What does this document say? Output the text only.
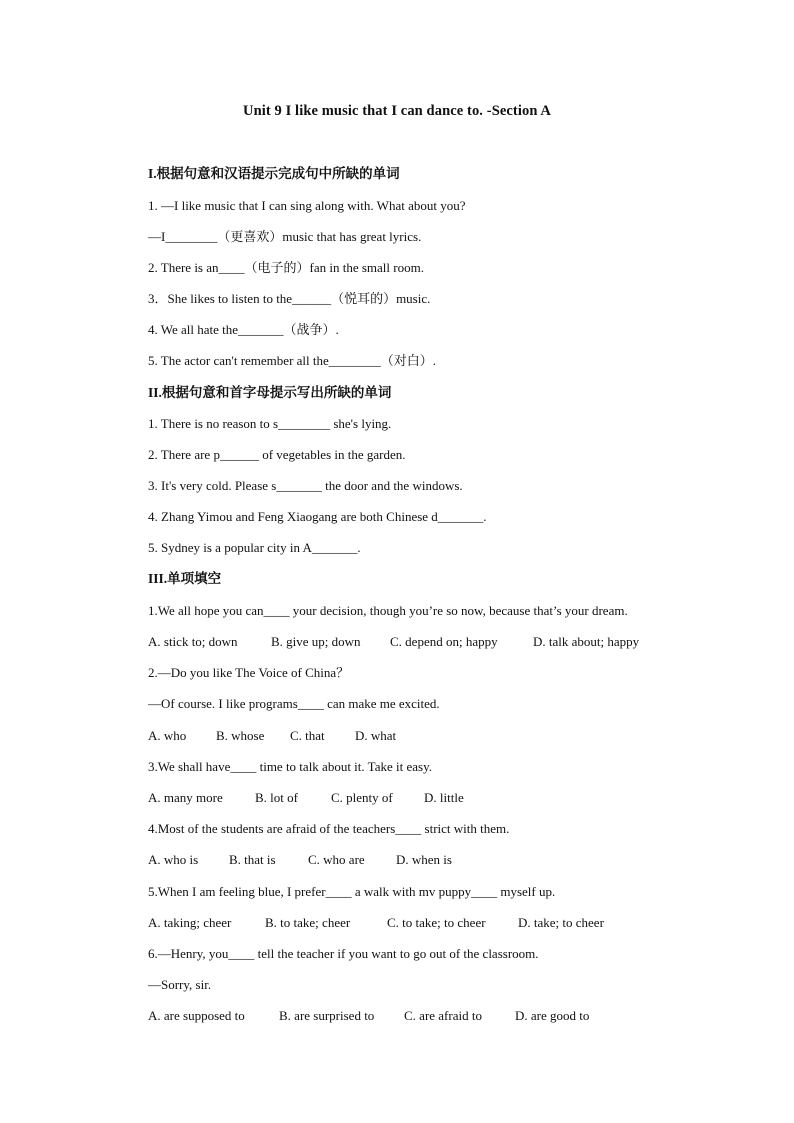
Unit 9 I like music that I can dance to. -Section A
I.根据句意和汉语提示完成句中所缺的单词
1. —I like music that I can sing along with. What about you?
—I________（更喜欢）music that has great lyrics.
2. There is an____（电子的）fan in the small room.
3．She likes to listen to the______（悦耳的）music.
4. We all hate the_______（战争）.
5. The actor can't remember all the________（对白）.
II.根据句意和首字母提示写出所缺的单词
1. There is no reason to s________ she's lying.
2. There are p______ of vegetables in the garden.
3. It's very cold. Please s_______ the door and the windows.
4. Zhang Yimou and Feng Xiaogang are both Chinese d_______.
5. Sydney is a popular city in A_______.
III.单项填空
1.We all hope you can____ your decision, though you’re so now, because that’s your dream.

A. stick to; down

	B. give up; down

C. depend on; happy

	D. talk about; happy

2.—Do you like The Voice of China？
—Of course. I like programs____ can make me excited.

A. who

B. whose

C. that

D. what

3.We shall have____ time to talk about it. Take it easy.

A. many more

B. lot of

	C. plenty of

D. little

4.Most of the students are afraid of the teachers____ strict with them.

A. who is

B. that is

C. who are

D. when is

5.When I am feeling blue, I prefer____ a walk with mv puppy____ myself up.

A. taking; cheer

	B. to take; cheer

	C. to take; to cheer

D. take; to cheer

6.—Henry, you____ tell the teacher if you want to go out of the classroom.
—Sorry, sir.

A. are supposed to

	B. are surprised to

C. are afraid to

	D. are good to
